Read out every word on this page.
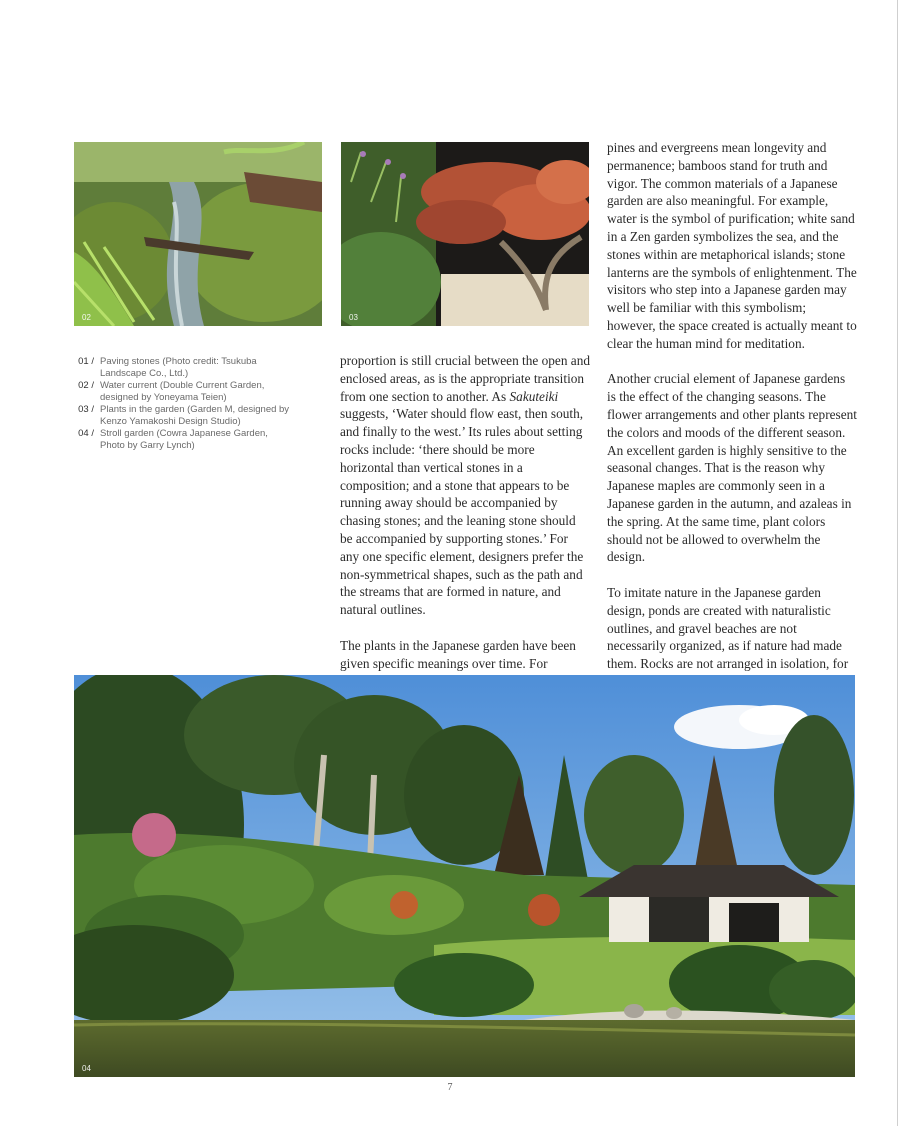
02	03
01 / Paving stones (Photo credit: Tsukuba Landscape Co., Ltd.)
02 / Water current (Double Current Garden, designed by Yoneyama Teien)
03 / Plants in the garden (Garden M, designed by Kenzo Yamakoshi Design Studio)
04 / Stroll garden (Cowra Japanese Garden, Photo by Garry Lynch)

proportion is still crucial between the open and enclosed areas, as is the appropriate transition from one section to another. As Sakuteiki suggests, ‘Water should flow east, then south, and finally to the west.’ Its rules about setting rocks include: ‘there should be more horizontal than vertical stones in a composition; and a stone that appears to be running away should be accompanied by chasing stones; and the leaning stone should be accompanied by supporting stones.’ For any one specific element, designers prefer the non-symmetrical shapes, such as the path and the streams that are formed in nature, and natural outlines.

The plants in the Japanese garden have been given specific meanings over time. For

pines and evergreens mean longevity and permanence; bamboos stand for truth and vigor. The common materials of a Japanese garden are also meaningful. For example, water is the symbol of purification; white sand in a Zen garden symbolizes the sea, and the stones within are metaphorical islands; stone lanterns are the symbols of enlightenment. The visitors who step into a Japanese garden may well be familiar with this symbolism; however, the space created is actually meant to clear the human mind for meditation.

Another crucial element of Japanese gardens is the effect of the changing seasons. The flower arrangements and other plants represent the colors and moods of the different season. An excellent garden is highly sensitive to the seasonal changes. That is the reason why Japanese maples are commonly seen in a Japanese garden in the autumn, and azaleas in the spring. At the same time, plant colors should not be allowed to overwhelm the design.

To imitate nature in the Japanese garden design, ponds are created with naturalistic outlines, and gravel beaches are not necessarily organized, as if nature had made them. Rocks are not arranged in isolation, for

04
7
